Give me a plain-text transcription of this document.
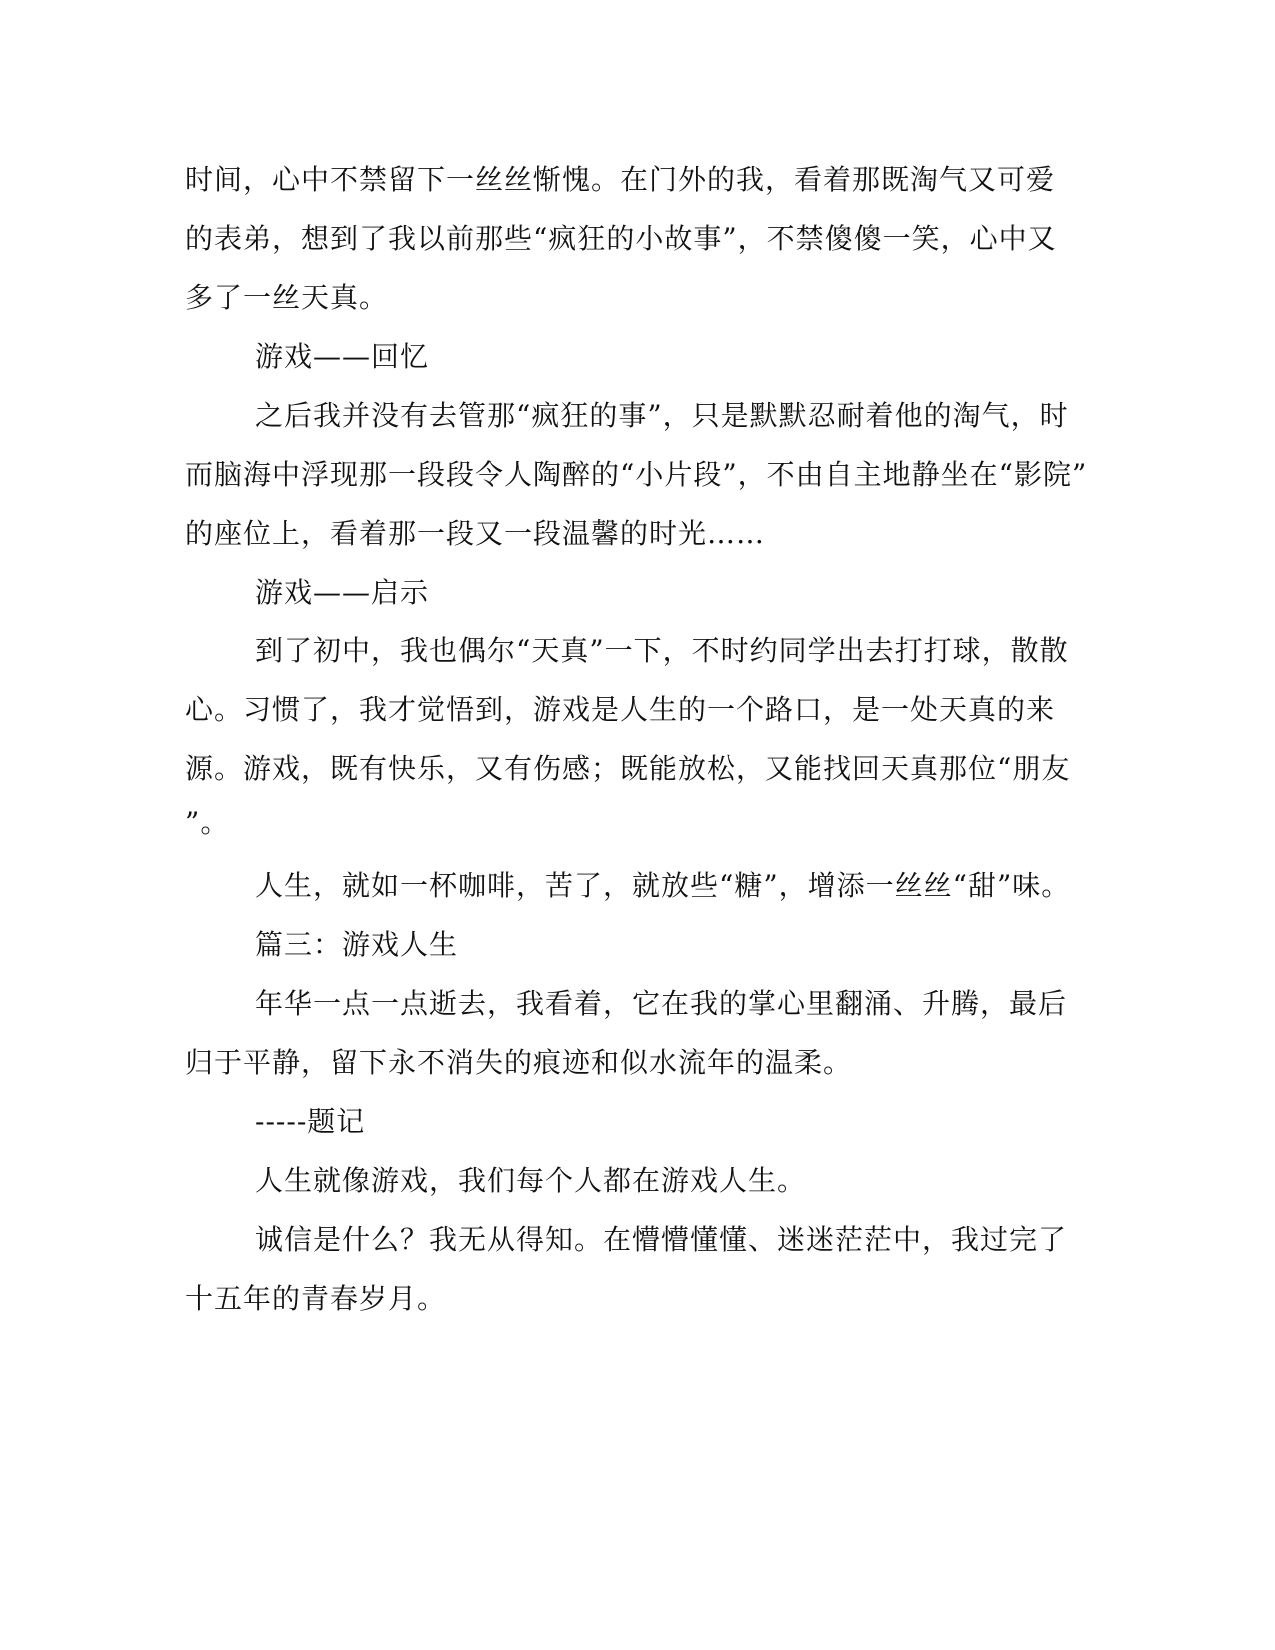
时间，心中不禁留下一丝丝惭愧。在门外的我，看着那既淘气又可爱
的表弟，想到了我以前那些“疯狂的小故事”，不禁傻傻一笑，心中又
多了一丝天真。
游戏——回忆
之后我并没有去管那“疯狂的事”，只是默默忍耐着他的淘气，时
而脑海中浮现那一段段令人陶醉的“小片段”，不由自主地静坐在“影院”
的座位上，看着那一段又一段温馨的时光……
游戏——启示
到了初中，我也偶尔“天真”一下，不时约同学出去打打球，散散
心。习惯了，我才觉悟到，游戏是人生的一个路口，是一处天真的来
源。游戏，既有快乐，又有伤感；既能放松，又能找回天真那位“朋友
”。
人生，就如一杯咖啡，苦了，就放些“糖”，增添一丝丝“甜”味。
篇三：游戏人生
年华一点一点逝去，我看着，它在我的掌心里翻涌、升腾，最后
归于平静，留下永不消失的痕迹和似水流年的温柔。
-----题记
人生就像游戏，我们每个人都在游戏人生。
诚信是什么？我无从得知。在懵懵懂懂、迷迷茫茫中，我过完了
十五年的青春岁月。
